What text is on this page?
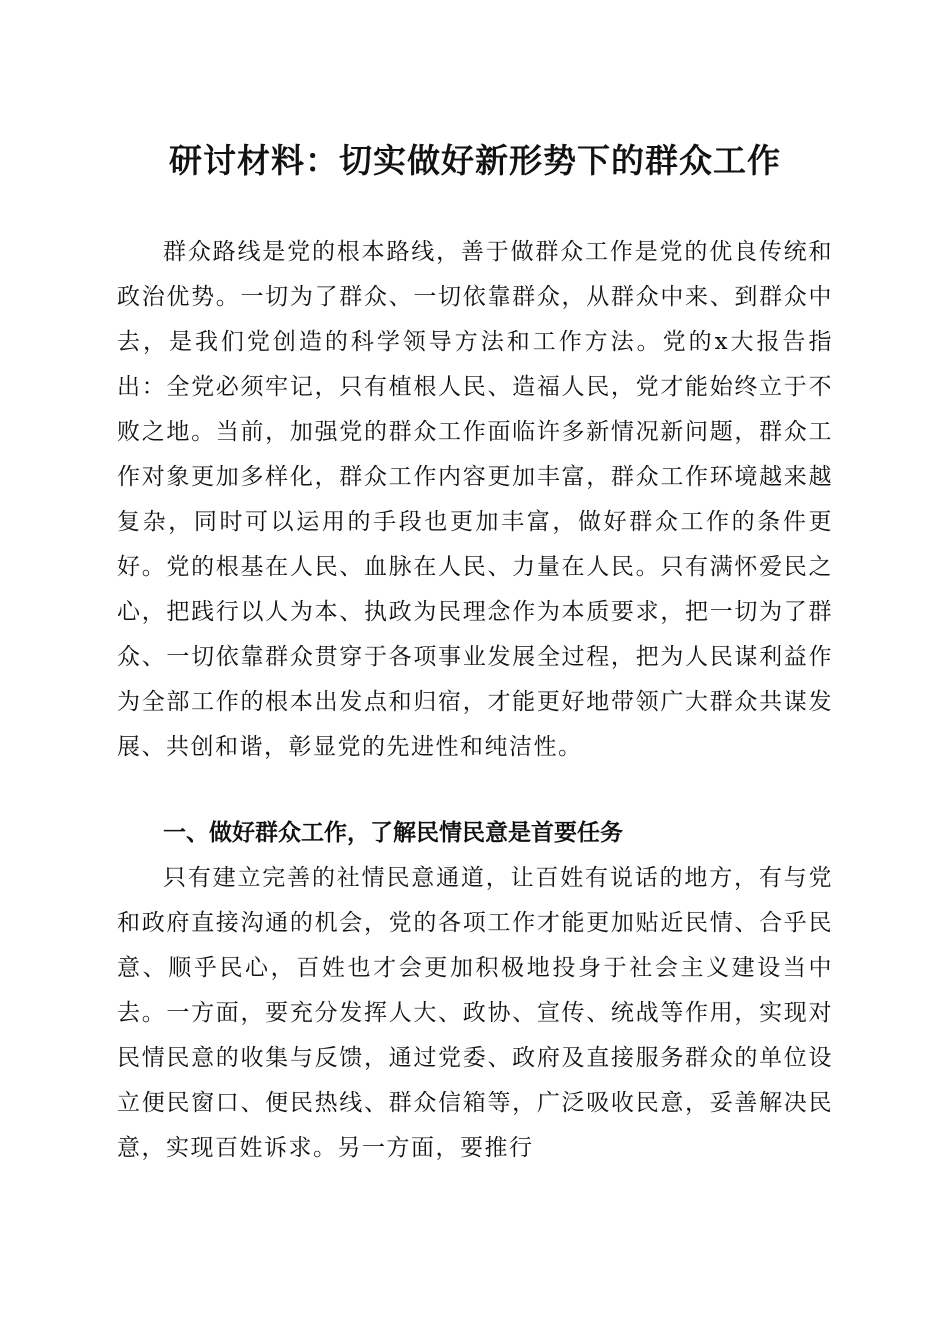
研讨材料：切实做好新形势下的群众工作

群众路线是党的根本路线，善于做群众工作是党的优良传统和政治优势。一切为了群众、一切依靠群众，从群众中来、到群众中去，是我们党创造的科学领导方法和工作方法。党的x大报告指出：全党必须牢记，只有植根人民、造福人民，党才能始终立于不败之地。当前，加强党的群众工作面临许多新情况新问题，群众工作对象更加多样化，群众工作内容更加丰富，群众工作环境越来越复杂，同时可以运用的手段也更加丰富，做好群众工作的条件更好。党的根基在人民、血脉在人民、力量在人民。只有满怀爱民之心，把践行以人为本、执政为民理念作为本质要求，把一切为了群众、一切依靠群众贯穿于各项事业发展全过程，把为人民谋利益作为全部工作的根本出发点和归宿，才能更好地带领广大群众共谋发展、共创和谐，彰显党的先进性和纯洁性。

一、做好群众工作，了解民情民意是首要任务

只有建立完善的社情民意通道，让百姓有说话的地方，有与党和政府直接沟通的机会，党的各项工作才能更加贴近民情、合乎民意、顺乎民心，百姓也才会更加积极地投身于社会主义建设当中去。一方面，要充分发挥人大、政协、宣传、统战等作用，实现对民情民意的收集与反馈，通过党委、政府及直接服务群众的单位设立便民窗口、便民热线、群众信箱等，广泛吸收民意，妥善解决民意，实现百姓诉求。另一方面，要推行
